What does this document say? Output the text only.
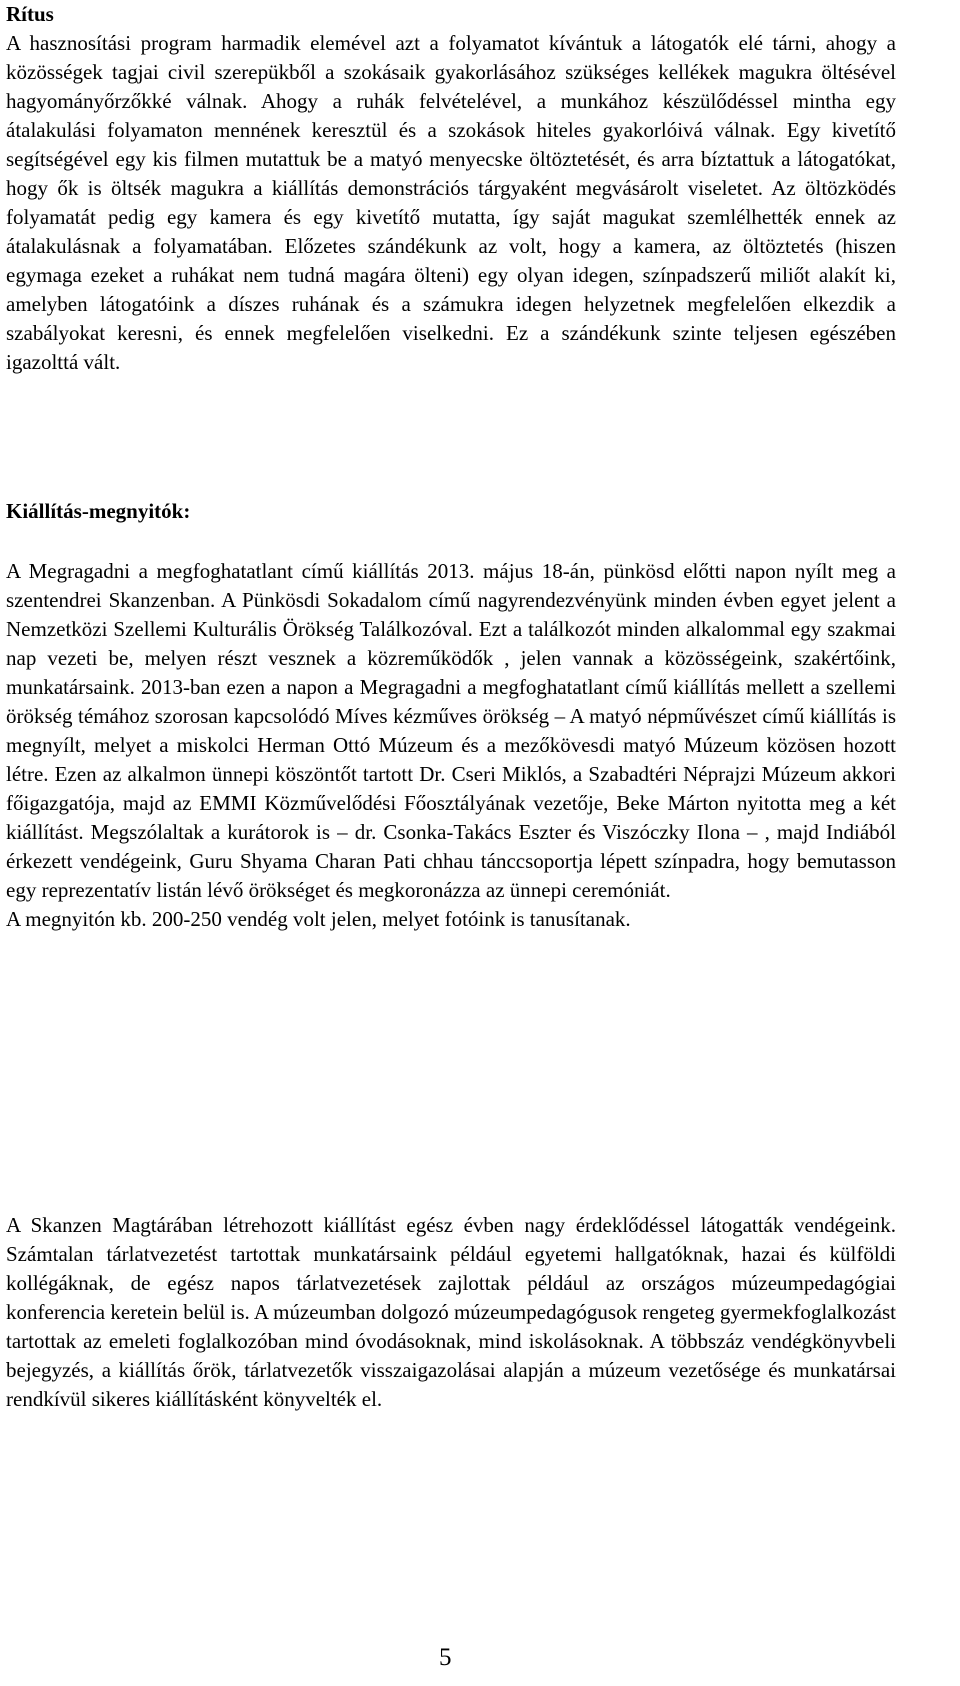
Rítus

A hasznosítási program harmadik elemével azt a folyamatot kívántuk a látogatók elé tárni, ahogy a közösségek tagjai civil szerepükből a szokásaik gyakorlásához szükséges kellékek magukra öltésével hagyományőrzőkké válnak. Ahogy a ruhák felvételével, a munkához készülődéssel mintha egy átalakulási folyamaton mennének keresztül és a szokások hiteles gyakorlóivá válnak. Egy kivetítő segítségével egy kis filmen mutattuk be a matyó menyecske öltöztetését, és arra bíztattuk a látogatókat, hogy ők is öltsék magukra a kiállítás demonstrációs tárgyaként megvásárolt viseletet. Az öltözködés folyamatát pedig egy kamera és egy kivetítő mutatta, így saját magukat szemlélhették ennek az átalakulásnak a folyamatában. Előzetes szándékunk az volt, hogy a kamera, az öltöztetés (hiszen egymaga ezeket a ruhákat nem tudná magára ölteni) egy olyan idegen, színpadszerű miliőt alakít ki, amelyben látogatóink a díszes ruhának és a számukra idegen helyzetnek megfelelően elkezdik a szabályokat keresni, és ennek megfelelően viselkedni. Ez a szándékunk szinte teljesen egészében igazolttá vált.

Kiállítás-megnyitók:

A Megragadni a megfoghatatlant című kiállítás 2013. május 18-án, pünkösd előtti napon nyílt meg a szentendrei Skanzenban. A Pünkösdi Sokadalom című nagyrendezvényünk minden évben egyet jelent a Nemzetközi Szellemi Kulturális Örökség Találkozóval. Ezt a találkozót minden alkalommal egy szakmai nap vezeti be, melyen részt vesznek a közreműködők , jelen vannak a közösségeink, szakértőink, munkatársaink. 2013-ban ezen a napon a Megragadni a megfoghatatlant című kiállítás mellett a szellemi örökség témához szorosan kapcsolódó Míves kézműves örökség – A matyó népművészet című kiállítás is megnyílt, melyet a miskolci Herman Ottó Múzeum és a mezőkövesdi matyó Múzeum közösen hozott létre. Ezen az alkalmon ünnepi köszöntőt tartott Dr. Cseri Miklós, a Szabadtéri Néprajzi Múzeum akkori főigazgatója, majd az EMMI Közművelődési Főosztályának vezetője, Beke Márton nyitotta meg a két kiállítást. Megszólaltak a kurátorok is – dr. Csonka-Takács Eszter és Viszóczky Ilona – , majd Indiából érkezett vendégeink, Guru Shyama Charan Pati chhau tánccsoportja lépett színpadra, hogy bemutasson egy reprezentatív listán lévő örökséget és megkoronázza az ünnepi ceremóniát.

A megnyitón kb. 200-250 vendég volt jelen, melyet fotóink is tanusítanak.

A Skanzen Magtárában létrehozott kiállítást egész évben nagy érdeklődéssel látogatták vendégeink. Számtalan tárlatvezetést tartottak munkatársaink például egyetemi hallgatóknak, hazai és külföldi kollégáknak, de egész napos tárlatvezetések zajlottak például az országos múzeumpedagógiai konferencia keretein belül is. A múzeumban dolgozó múzeumpedagógusok rengeteg gyermekfoglalkozást tartottak az emeleti foglalkozóban mind óvodásoknak, mind iskolásoknak. A többszáz vendégkönyvbeli bejegyzés, a kiállítás őrök, tárlatvezetők visszaigazolásai alapján a múzeum vezetősége és munkatársai rendkívül sikeres kiállításként könyvelték el.

5
